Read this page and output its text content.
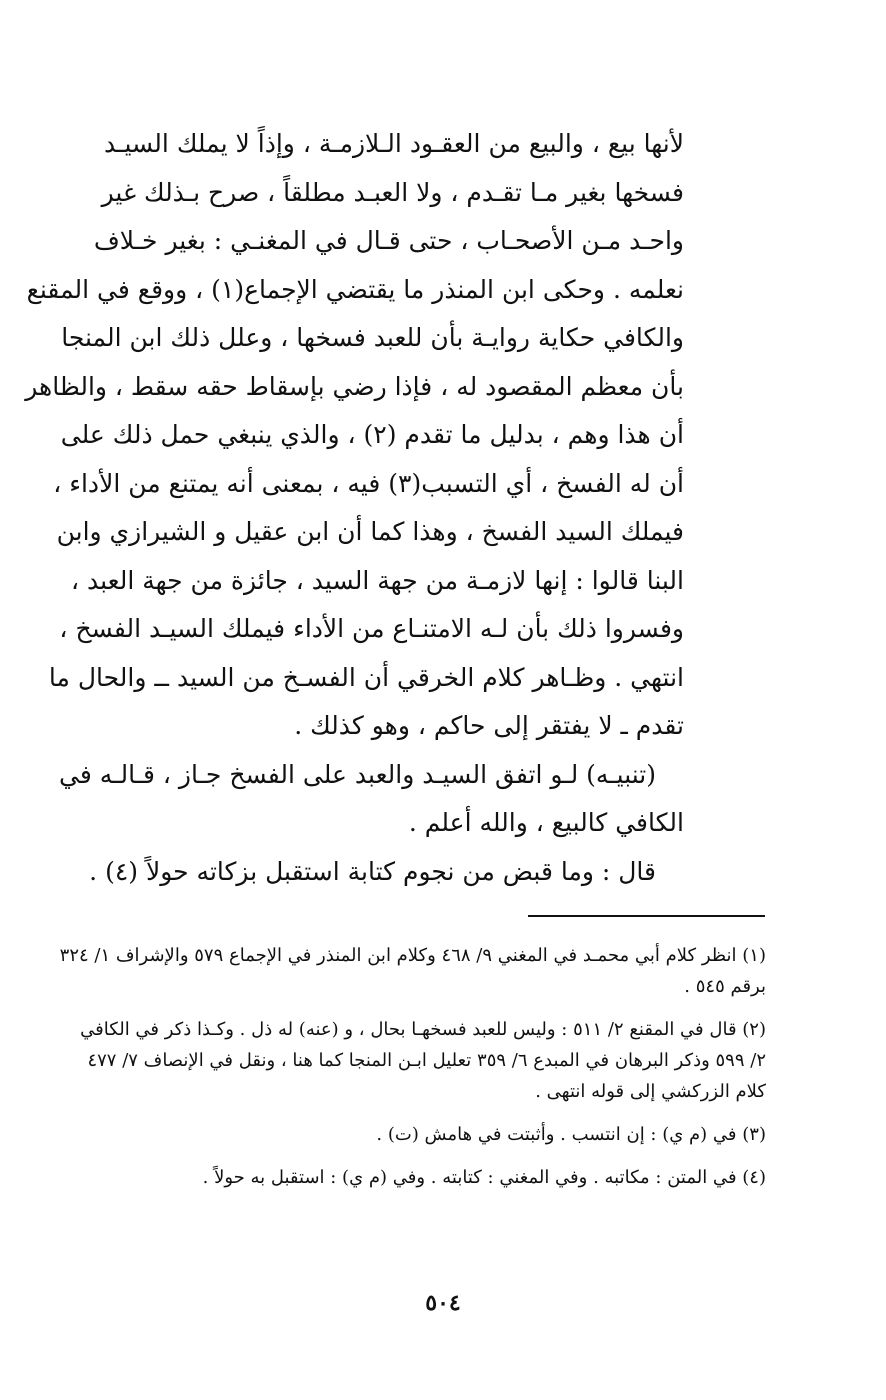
لأنها بيع ، والبيع من العقـود الـلازمـة ، وإذاً لا يملك السيـد
فسخها بغير مـا تقـدم ، ولا العبـد مطلقاً ، صرح بـذلك غير
واحـد مـن الأصحـاب ، حتى قـال في المغنـي : بغير خـلاف
نعلمه . وحكى ابن المنذر ما يقتضي الإجماع(١) ، ووقع في المقنع
والكافي حكاية روايـة بأن للعبد فسخها ، وعلل ذلك ابن المنجا
بأن معظم المقصود له ، فإذا رضي بإسقاط حقه سقط ، والظاهر
أن هذا وهم ، بدليل ما تقدم (٢) ، والذي ينبغي حمل ذلك على
أن له الفسخ ، أي التسبب(٣) فيه ، بمعنى أنه يمتنع من الأداء ،
فيملك السيد الفسخ ، وهذا كما أن ابن عقيل و الشيرازي وابن
البنا قالوا : إنها لازمـة من جهة السيد ، جائزة من جهة العبد ،
وفسروا ذلك بأن لـه الامتنـاع من الأداء فيملك السيـد الفسخ ،
انتهي . وظـاهر كلام الخرقي أن الفسـخ من السيد ــ والحال ما
تقدم ـ لا يفتقر إلى حاكم ، وهو كذلك .
(تنبيـه) لـو اتفق السيـد والعبد على الفسخ جـاز ، قـالـه في
الكافي كالبيع ، والله أعلم .
قال : وما قبض من نجوم كتابة استقبل بزكاته حولاً (٤) .
(١) انظر كلام أبي محمـد في المغني ٩/ ٤٦٨ وكلام ابن المنذر في الإجماع ٥٧٩ والإشراف ١/ ٣٢٤
برقم ٥٤٥ .
(٢) قال في المقنع ٢/ ٥١١ : وليس للعبد فسخهـا بحال ، و (عنه) له ذل . وكـذا ذكر في الكافي
٢/ ٥٩٩ وذكر البرهان في المبدع ٦/ ٣٥٩ تعليل ابـن المنجا كما هنا ، ونقل في الإنصاف ٧/ ٤٧٧
كلام الزركشي إلى قوله انتهى .
(٣) في (م ي) : إن انتسب . وأثبتت في هامش (ت) .
(٤) في المتن : مكاتبه . وفي المغني : كتابته . وفي (م ي) : استقبل به حولاً .
٥٠٤
